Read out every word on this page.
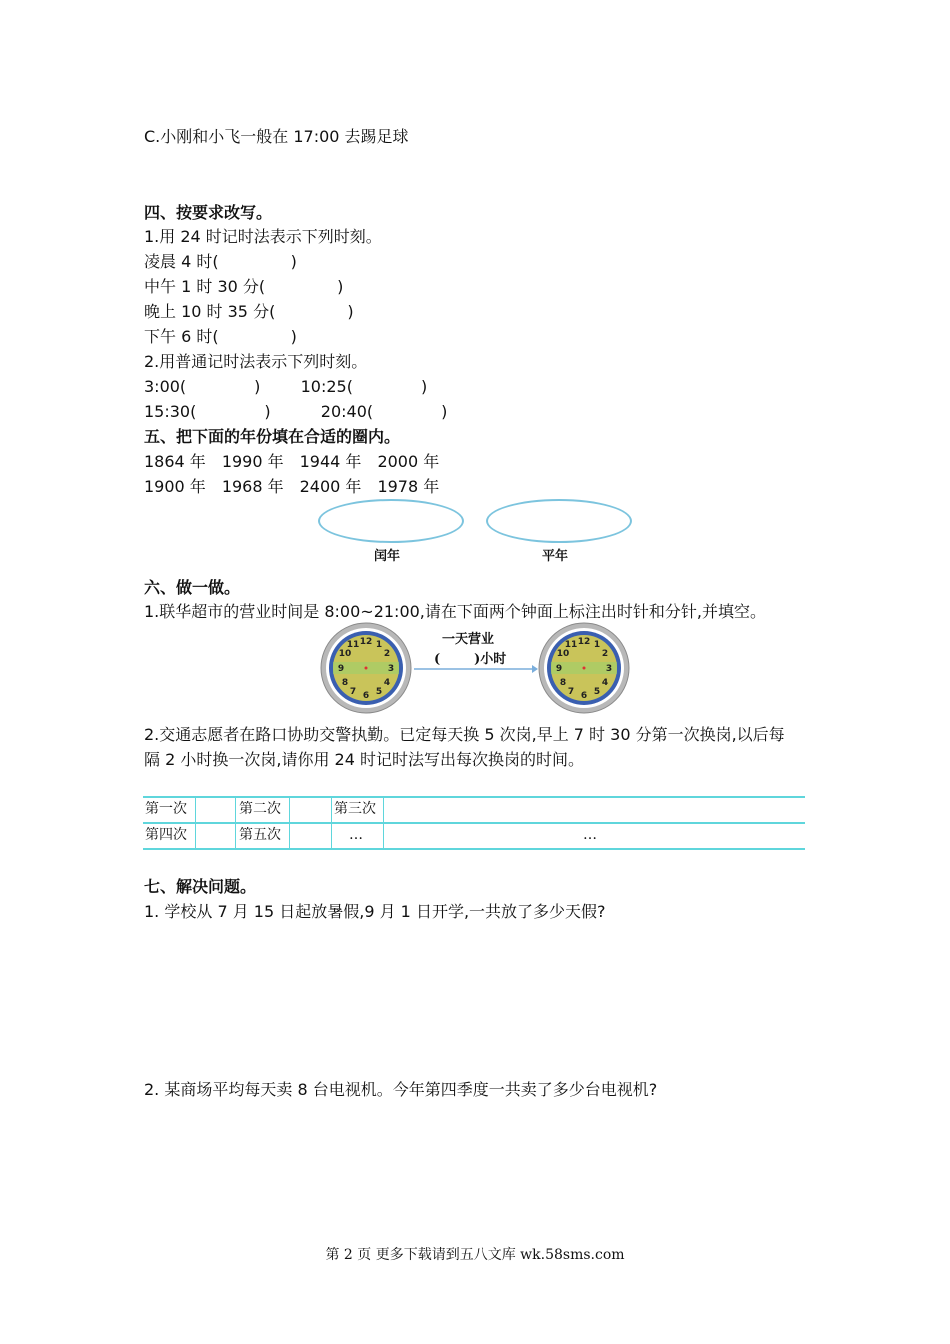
C.小刚和小飞一般在 17:00 去踢足球
四、按要求改写。
1.用 24 时记时法表示下列时刻。
凌晨 4 时(	)
中午 1 时 30 分(	)
晚上 10 时 35 分(	)
下午 6 时(	)
2.用普通记时法表示下列时刻。
3:00(	)	10:25(	)
15:30(	)	20:40(	)
五、把下面的年份填在合适的圈内。
1864 年 1990 年 1944 年 2000 年
1900 年 1968 年 2400 年 1978 年
闰年	平年
六、做一做。
1.联华超市的营业时间是 8:00~21:00,请在下面两个钟面上标注出时针和分针,并填空。
12 1
2
3
4
5
6
7
8
9
10
11	一天营业
(	)小时
12 1
2
3
4
5
6
7
8
9
10
11
2.交通志愿者在路口协助交警执勤。已定每天换 5 次岗,早上 7 时 30 分第一次换岗,以后每
隔 2 小时换一次岗,请你用 24 时记时法写出每次换岗的时间。
第一次	第二次	第三次
第四次	第五次	…	…
七、解决问题。
1. 学校从 7 月 15 日起放暑假,9 月 1 日开学,一共放了多少天假?
2. 某商场平均每天卖 8 台电视机。今年第四季度一共卖了多少台电视机?
第 2 页 更多下载请到五八文库 wk.58sms.com
